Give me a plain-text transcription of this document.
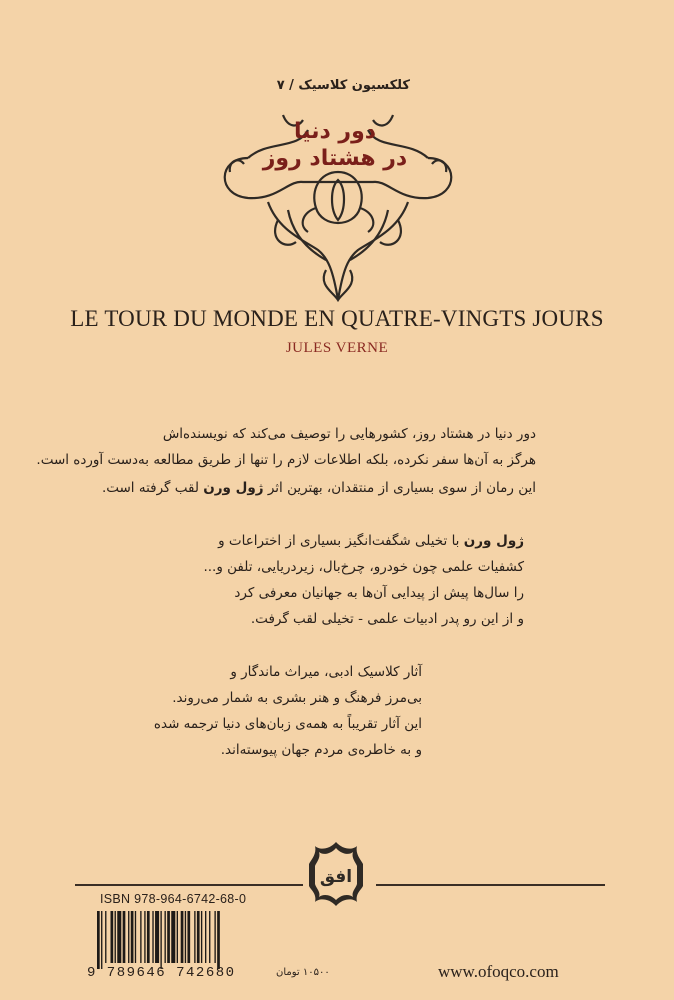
کلکسیون کلاسیک / ۷
دور دنیا
در هشتاد روز
LE TOUR DU MONDE EN QUATRE-VINGTS JOURS
JULES VERNE
دور دنیا در هشتاد روز، کشورهایی را توصیف می‌کند که نویسنده‌اش
هرگز به آن‌ها سفر نکرده، بلکه اطلاعات لازم را تنها از طریق مطالعه به‌دست آورده است.
این رمان از سوی بسیاری از منتقدان، بهترین اثر ژول ورن لقب گرفته است.
ژول ورن با تخیلی شگفت‌انگیز بسیاری از اختراعات و
کشفیات علمی چون خودرو، چرخ‌بال، زیردریایی، تلفن و...
را سال‌ها پیش از پیدایی آن‌ها به جهانیان معرفی کرد
و از این رو پدر ادبیات علمی - تخیلی لقب گرفت.
آثار کلاسیک ادبی، میراث ماندگار و
بی‌مرز فرهنگ و هنر بشری به شمار می‌روند.
این آثار تقریباً به همه‌ی زبان‌های دنیا ترجمه شده
و به خاطره‌ی مردم جهان پیوسته‌اند.
افق
ISBN 978-964-6742-68-0
9 789646 742680	۱۰۵۰۰ تومان	www.ofoqco.com
